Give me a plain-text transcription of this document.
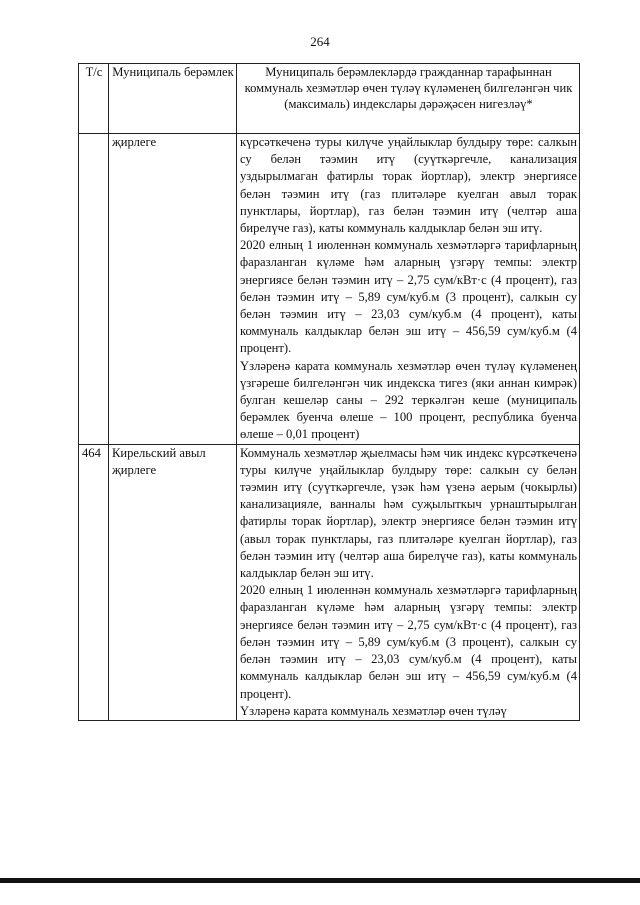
264
Т/с	Муниципаль берәмлек	Муниципаль берәмлекләрдә гражданнар тарафыннан коммуналь хезмәтләр өчен түләү күләменең билгеләнгән чик (максималь) индекслары дәрәҗәсен нигезләү*
	җирлеге	күрсәткеченә туры килүче уңайлыклар булдыру төре: салкын су белән тәэмин итү (суүткәргечле, канализация уздырылмаган фатирлы торак йортлар), электр энергиясе белән тәэмин итү (газ плитәләре куелган авыл торак пунктлары, йортлар), газ белән тәэмин итү (челтәр аша бирелүче газ), каты коммуналь калдыклар белән эш итү.
2020 елның 1 июленнән коммуналь хезмәтләргә тарифларның фаразланган күләме һәм аларның үзгәрү темпы: электр энергиясе белән тәэмин итү – 2,75 сум/кВт·с (4 процент), газ белән тәэмин итү – 5,89 сум/куб.м (3 процент), салкын су белән тәэмин итү – 23,03 сум/куб.м (4 процент), каты коммуналь калдыклар белән эш итү – 456,59 сум/куб.м (4 процент).
Үзләренә карата коммуналь хезмәтләр өчен түләү күләменең үзгәреше билгеләнгән чик индекска тигез (яки аннан кимрәк) булган кешеләр саны – 292 теркәлгән кеше (муниципаль берәмлек буенча өлеше – 100 процент, республика буенча өлеше – 0,01 процент)

464	Кирельский авыл җирлеге	Коммуналь хезмәтләр җыелмасы һәм чик индекс күрсәткеченә туры килүче уңайлыклар булдыру төре: салкын су белән тәэмин итү (суүткәргечле, үзәк һәм үзенә аерым (чокырлы) канализацияле, ванналы һәм суҗылыткыч урнаштырылган фатирлы торак йортлар), электр энергиясе белән тәэмин итү (авыл торак пунктлары, газ плитәләре куелган йортлар), газ белән тәэмин итү (челтәр аша бирелүче газ), каты коммуналь калдыклар белән эш итү.
2020 елның 1 июленнән коммуналь хезмәтләргә тарифларның фаразланган күләме һәм аларның үзгәрү темпы: электр энергиясе белән тәэмин итү – 2,75 сум/кВт·с (4 процент), газ белән тәэмин итү – 5,89 сум/куб.м (3 процент), салкын су белән тәэмин итү – 23,03 сум/куб.м (4 процент), каты коммуналь калдыклар белән эш итү – 456,59 сум/куб.м (4 процент).
Үзләренә карата коммуналь хезмәтләр өчен түләү
